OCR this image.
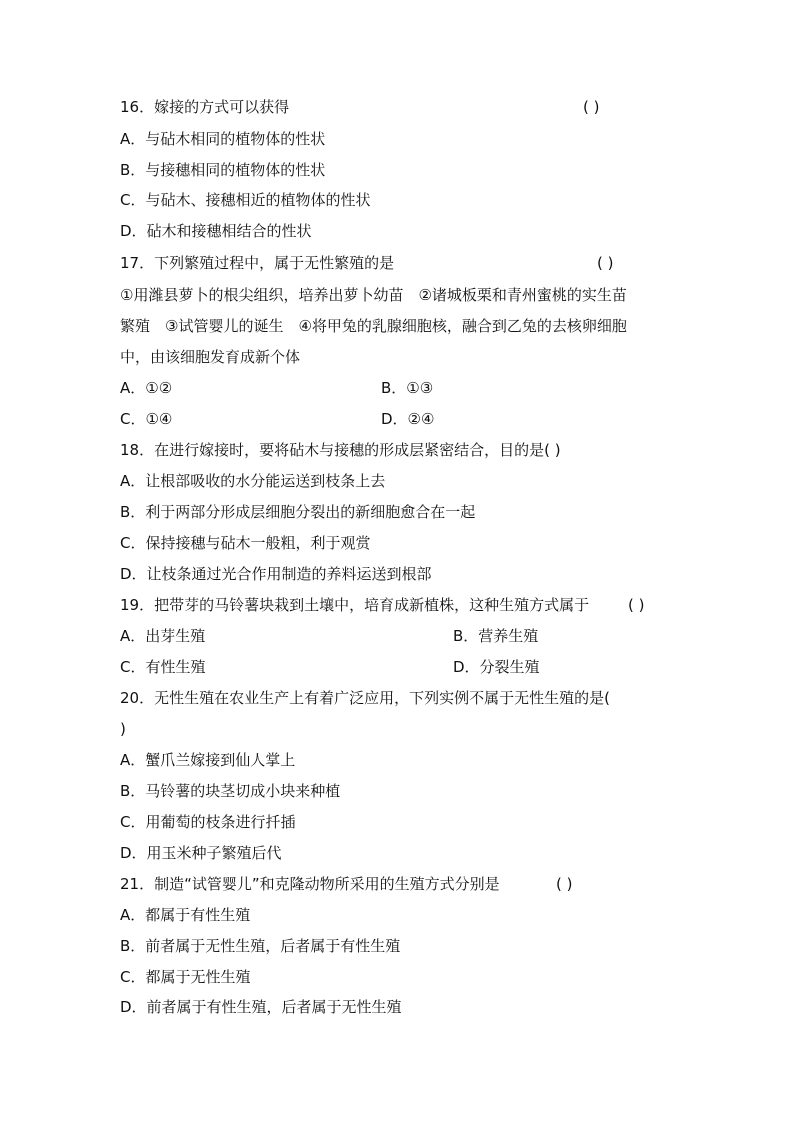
16．嫁接的方式可以获得	( )
A．与砧木相同的植物体的性状
B．与接穗相同的植物体的性状
C．与砧木、接穗相近的植物体的性状
D．砧木和接穗相结合的性状
17．下列繁殖过程中，属于无性繁殖的是	( )
①用潍县萝卜的根尖组织，培养出萝卜幼苗　②诸城板栗和青州蜜桃的实生苗
繁殖　③试管婴儿的诞生　④将甲兔的乳腺细胞核，融合到乙兔的去核卵细胞
中，由该细胞发育成新个体
A．①②	B．①③
C．①④	D．②④
18．在进行嫁接时，要将砧木与接穗的形成层紧密结合，目的是( )
A．让根部吸收的水分能运送到枝条上去
B．利于两部分形成层细胞分裂出的新细胞愈合在一起
C．保持接穗与砧木一般粗，利于观赏
D．让枝条通过光合作用制造的养料运送到根部
19．把带芽的马铃薯块栽到土壤中，培育成新植株，这种生殖方式属于	( )
A．出芽生殖	B．营养生殖
C．有性生殖	D．分裂生殖
20．无性生殖在农业生产上有着广泛应用，下列实例不属于无性生殖的是(
)
A．蟹爪兰嫁接到仙人掌上
B．马铃薯的块茎切成小块来种植
C．用葡萄的枝条进行扦插
D．用玉米种子繁殖后代
21．制造“试管婴儿”和克隆动物所采用的生殖方式分别是	( )
A．都属于有性生殖
B．前者属于无性生殖，后者属于有性生殖
C．都属于无性生殖
D．前者属于有性生殖，后者属于无性生殖
